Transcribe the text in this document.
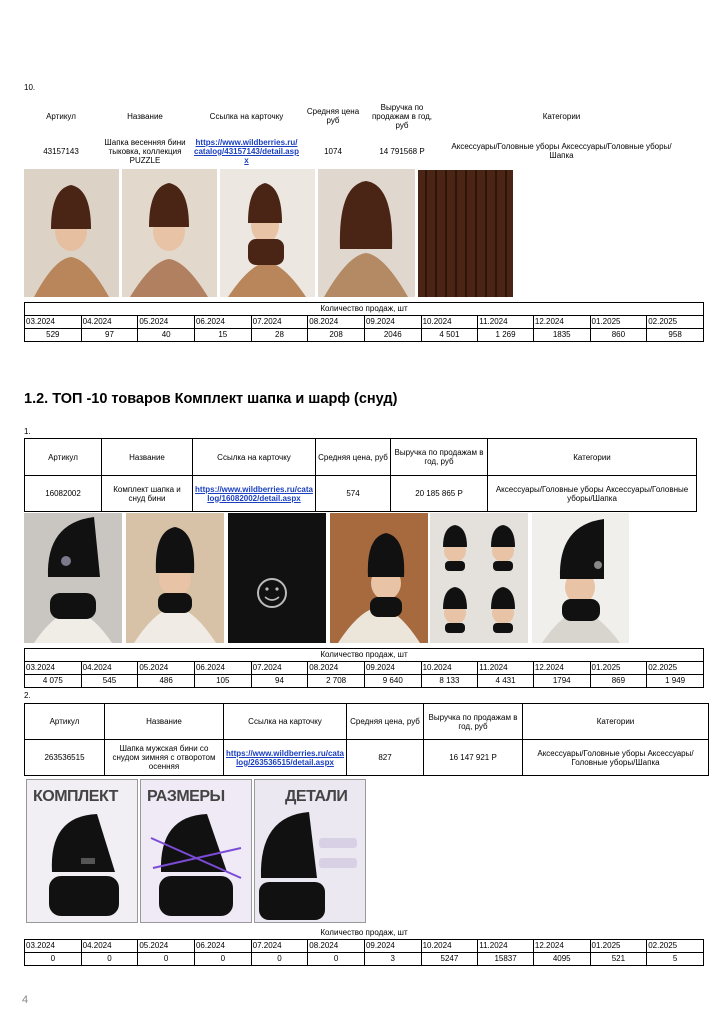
10.
Артикул	Название	Ссылка на карточку	Средняя цена руб	Выручка по продажам в год, руб	Категории
43157143	Шапка весенняя бини тыковка, коллекция PUZZLE	https://www.wildberries.ru/catalog/43157143/detail.aspx	1074	14 791568 Р	Аксессуары/Головные уборы Аксессуары/Головные уборы/Шапка
Количество продаж, шт											
03.2024	04.2024	05.2024	06.2024	07.2024	08.2024	09.2024	10.2024	11.2024	12.2024	01.2025	02.2025
529	97	40	15	28	208	2046	4 501	1 269	1835	860	958
1.2. ТОП -10 товаров Комплект шапка и шарф (снуд)
1.
Артикул	Название	Ссылка на карточку	Средняя цена, руб	Выручка по продажам в год, руб	Категории
16082002	Комплект шапка и снуд бини	https://www.wildberries.ru/catalog/16082002/detail.aspx	574	20 185 865 Р	Аксессуары/Головные уборы Аксессуары/Головные уборы/Шапка
Количество продаж, шт											
03.2024	04.2024	05.2024	06.2024	07.2024	08.2024	09.2024	10.2024	11.2024	12.2024	01.2025	02.2025
4 075	545	486	105	94	2 708	9 640	8 133	4 431	1794	869	1 949
2.
Артикул	Название	Ссылка на карточку	Средняя цена, руб	Выручка по продажам в год, руб	Категории
263536515	Шапка мужская бини со снудом зимняя с отворотом осенняя	https://www.wildberries.ru/catalog/263536515/detail.aspx	827	16 147 921 Р	Аксессуары/Головные уборы Аксессуары/Головные уборы/Шапка
КОМПЛЕКТ РАЗМЕРЫ	ДЕТАЛИ
Количество продаж, шт											
03.2024	04.2024	05.2024	06.2024	07.2024	08.2024	09.2024	10.2024	11.2024	12.2024	01.2025	02.2025
0	0	0	0	0	0	3	5247	15837	4095	521	5
4
